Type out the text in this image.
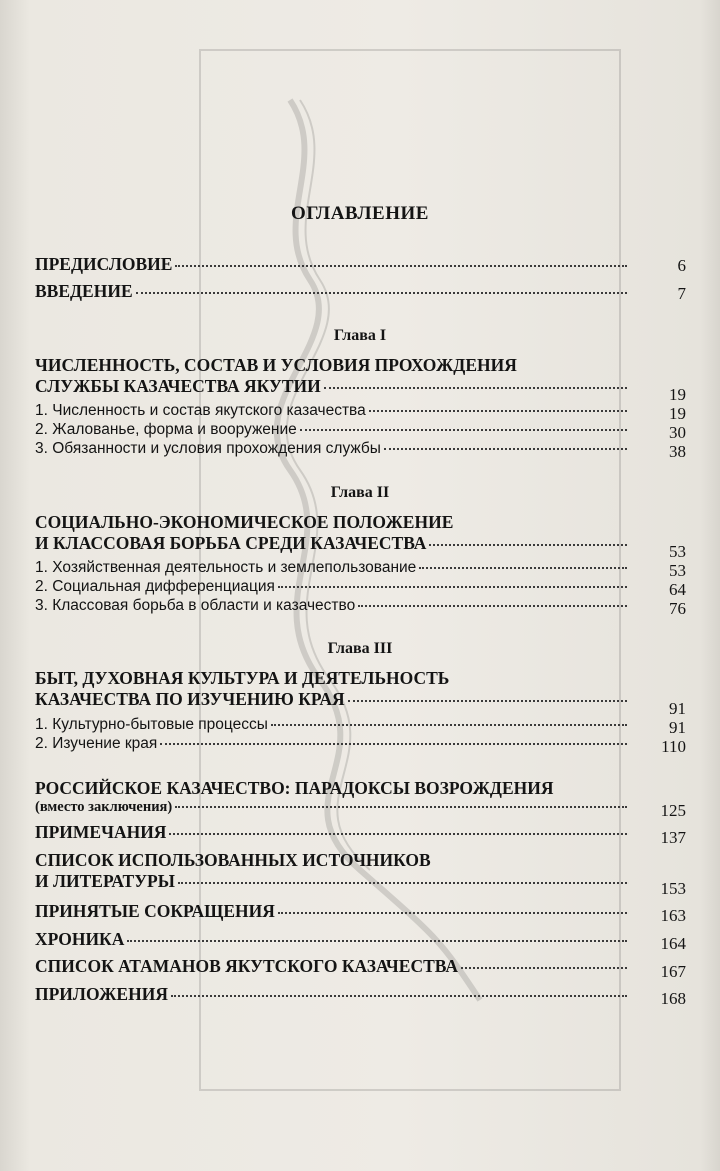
ОГЛАВЛЕНИЕ
ПРЕДИСЛОВИЕ	6
ВВЕДЕНИЕ	7
Глава I
ЧИСЛЕННОСТЬ, СОСТАВ И УСЛОВИЯ ПРОХОЖДЕНИЯ
СЛУЖБЫ КАЗАЧЕСТВА ЯКУТИИ	19
1. Численность и состав якутского казачества	19
2. Жалованье, форма и вооружение	30
3. Обязанности и условия прохождения службы	38
Глава II
СОЦИАЛЬНО-ЭКОНОМИЧЕСКОЕ ПОЛОЖЕНИЕ
И КЛАССОВАЯ БОРЬБА СРЕДИ КАЗАЧЕСТВА	53
1. Хозяйственная деятельность и землепользование	53
2. Социальная дифференциация	64
3. Классовая борьба в области и казачество	76
Глава III
БЫТ, ДУХОВНАЯ КУЛЬТУРА И ДЕЯТЕЛЬНОСТЬ
КАЗАЧЕСТВА ПО ИЗУЧЕНИЮ КРАЯ	91
1. Культурно-бытовые процессы	91
2. Изучение края	110
РОССИЙСКОЕ КАЗАЧЕСТВО: ПАРАДОКСЫ ВОЗРОЖДЕНИЯ
(вместо заключения)	125
ПРИМЕЧАНИЯ	137
СПИСОК ИСПОЛЬЗОВАННЫХ ИСТОЧНИКОВ
И ЛИТЕРАТУРЫ	153
ПРИНЯТЫЕ СОКРАЩЕНИЯ	163
ХРОНИКА	164
СПИСОК АТАМАНОВ ЯКУТСКОГО КАЗАЧЕСТВА	167
ПРИЛОЖЕНИЯ	168
